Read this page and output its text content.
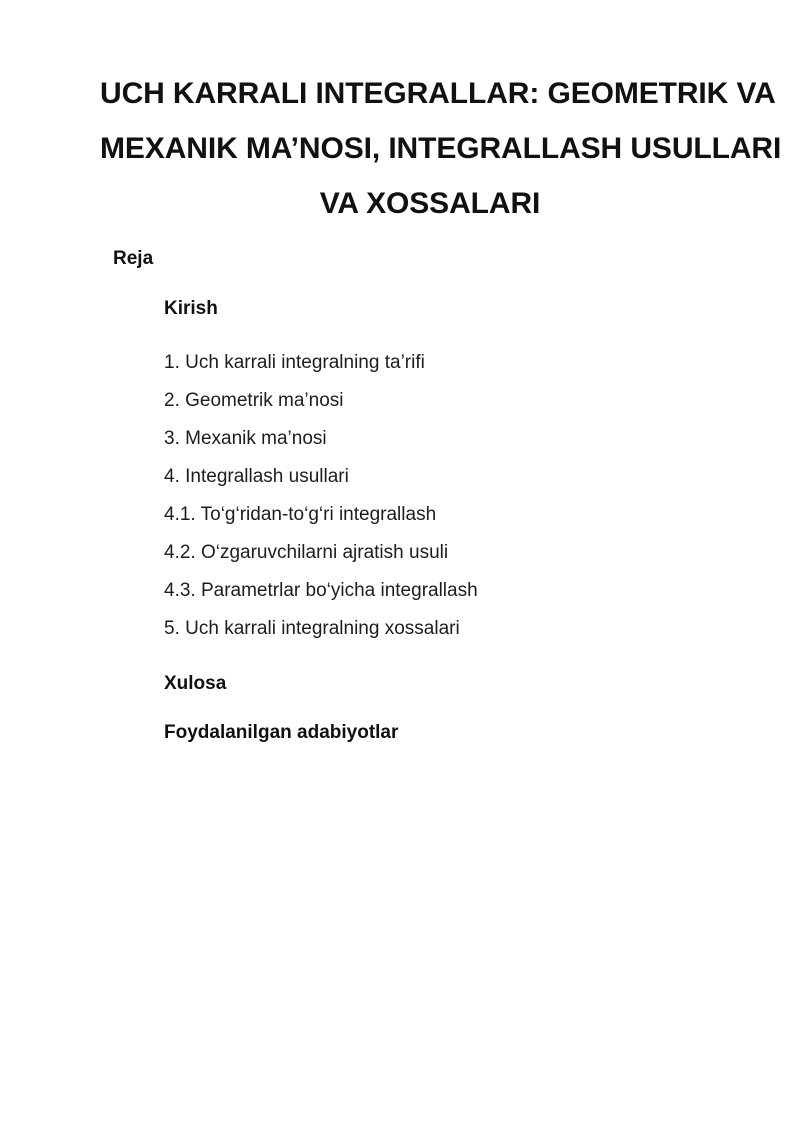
UCH KARRALI INTEGRALLAR: GEOMETRIK VA
MEXANIK MA’NOSI, INTEGRALLASH USULLARI
VA XOSSALARI
Reja
Kirish
1. Uch karrali integralning ta’rifi
2. Geometrik ma’nosi
3. Mexanik ma’nosi
4. Integrallash usullari
4.1. To‘g‘ridan-to‘g‘ri integrallash
4.2. O‘zgaruvchilarni ajratish usuli
4.3. Parametrlar bo‘yicha integrallash
5. Uch karrali integralning xossalari
Xulosa
Foydalanilgan adabiyotlar
